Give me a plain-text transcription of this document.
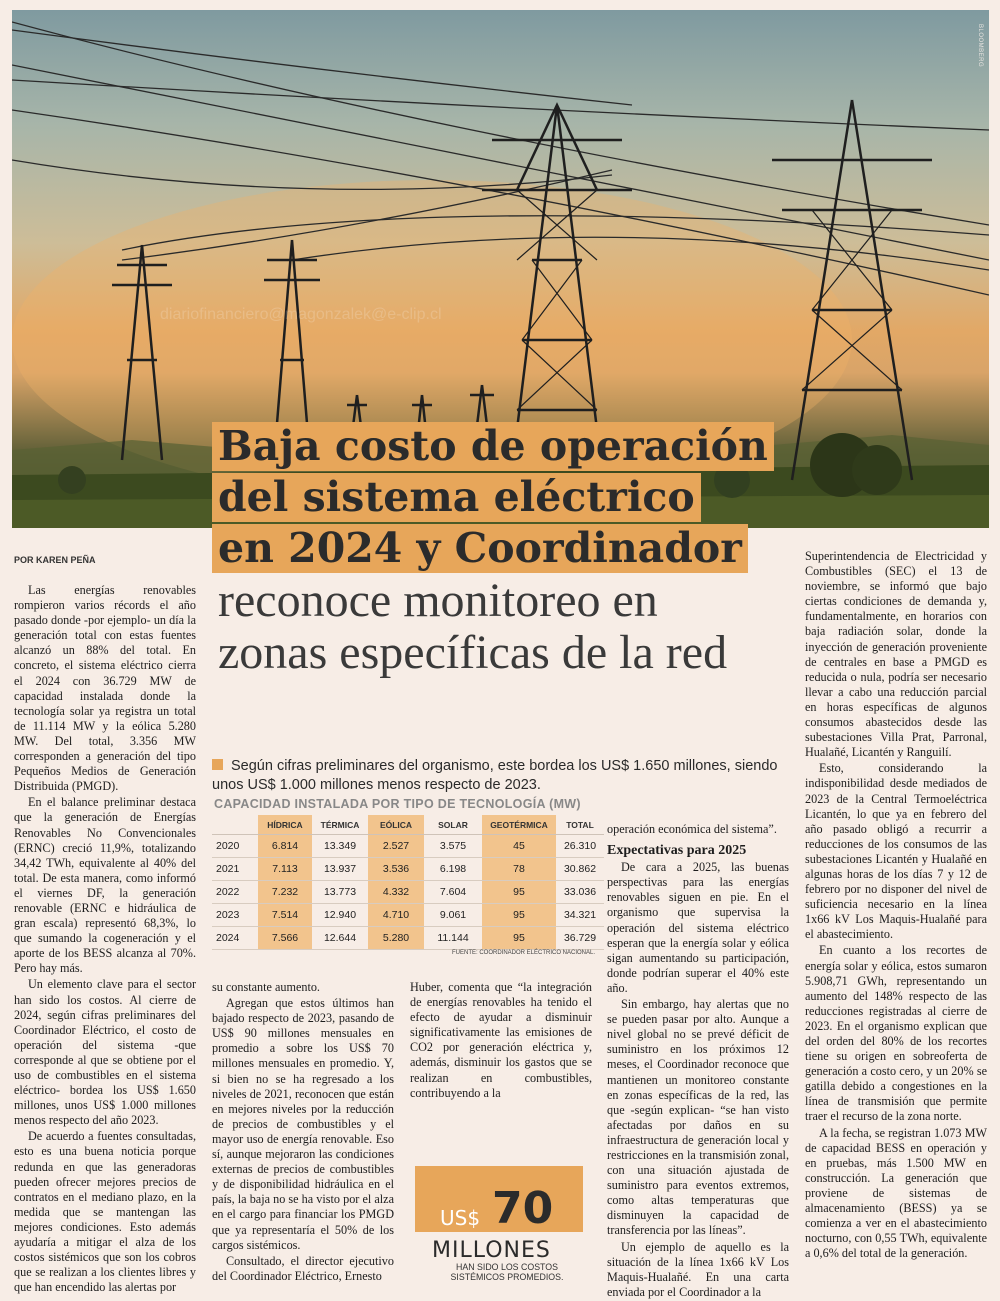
BLOOMBERG
diariofinanciero@magonzalek@e-clip.cl
Baja costo de operación
del sistema eléctrico
en 2024 y Coordinador
reconoce monitoreo en
zonas específicas de la red
POR KAREN PEÑA

Las energías renovables rompieron varios récords el año pasado donde -por ejemplo- un día la generación total con estas fuentes alcanzó un 88% del total. En concreto, el sistema eléctrico cierra el 2024 con 36.729 MW de capacidad instalada donde la tecnología solar ya registra un total de 11.114 MW y la eólica 5.280 MW. Del total, 3.356 MW corresponden a generación del tipo Pequeños Medios de Generación Distribuida (PMGD).

En el balance preliminar destaca que la generación de Energías Renovables No Convencionales (ERNC) creció 11,9%, totalizando 34,42 TWh, equivalente al 40% del total. De esta manera, como informó el viernes DF, la generación renovable (ERNC e hidráulica de gran escala) representó 68,3%, lo que sumando la cogeneración y el aporte de los BESS alcanza al 70%. Pero hay más.

Un elemento clave para el sector han sido los costos. Al cierre de 2024, según cifras preliminares del Coordinador Eléctrico, el costo de operación del sistema -que corresponde al que se obtiene por el uso de combustibles en el sistema eléctrico- bordea los US$ 1.650 millones, unos US$ 1.000 millones menos respecto del año 2023.

De acuerdo a fuentes consultadas, esto es una buena noticia porque redunda en que las generadoras pueden ofrecer mejores precios de contratos en el mediano plazo, en la medida que se mantengan las mejores condiciones. Esto además ayudaría a mitigar el alza de los costos sistémicos que son los cobros que se realizan a los clientes libres y que han encendido las alertas por

Según cifras preliminares del organismo, este bordea los US$ 1.650 millones, siendo unos US$ 1.000 millones menos respecto de 2023.
CAPACIDAD INSTALADA POR TIPO DE TECNOLOGÍA (MW)
	HÍDRICA	TÉRMICA	EÓLICA	SOLAR	GEOTÉRMICA	TOTAL
2020	6.814	13.349	2.527	3.575	45	26.310
2021	7.113	13.937	3.536	6.198	78	30.862
2022	7.232	13.773	4.332	7.604	95	33.036
2023	7.514	12.940	4.710	9.061	95	34.321
2024	7.566	12.644	5.280	11.144	95	36.729
FUENTE: COORDINADOR ELÉCTRICO NACIONAL.

su constante aumento.

Agregan que estos últimos han bajado respecto de 2023, pasando de US$ 90 millones mensuales en promedio a sobre los US$ 70 millones mensuales en promedio. Y, si bien no se ha regresado a los niveles de 2021, reconocen que están en mejores niveles por la reducción de precios de combustibles y el mayor uso de energía renovable. Eso sí, aunque mejoraron las condiciones externas de precios de combustibles y de disponibilidad hidráulica en el país, la baja no se ha visto por el alza en el cargo para financiar los PMGD que ya representaría el 50% de los cargos sistémicos.

Consultado, el director ejecutivo del Coordinador Eléctrico, Ernesto

Huber, comenta que “la integración de energías renovables ha tenido el efecto de ayudar a disminuir significativamente las emisiones de CO2 por generación eléctrica y, además, disminuir los gastos que se realizan en combustibles, contribuyendo a la

US$ 70
MILLONES
HAN SIDO LOS COSTOS SISTÉMICOS PROMEDIOS.

operación económica del sistema”.

Expectativas para 2025

De cara a 2025, las buenas perspectivas para las energías renovables siguen en pie. En el organismo que supervisa la operación del sistema eléctrico esperan que la energía solar y eólica sigan aumentando su participación, donde podrían superar el 40% este año.

Sin embargo, hay alertas que no se pueden pasar por alto. Aunque a nivel global no se prevé déficit de suministro en los próximos 12 meses, el Coordinador reconoce que mantienen un monitoreo constante en zonas específicas de la red, las que -según explican- “se han visto afectadas por daños en su infraestructura de generación local y restricciones en la transmisión zonal, con una situación ajustada de suministro para eventos extremos, como altas temperaturas que disminuyen la capacidad de transferencia por las líneas”.

Un ejemplo de aquello es la situación de la línea 1x66 kV Los Maquis-Hualañé. En una carta enviada por el Coordinador a la

Superintendencia de Electricidad y Combustibles (SEC) el 13 de noviembre, se informó que bajo ciertas condiciones de demanda y, fundamentalmente, en horarios con baja radiación solar, donde la inyección de generación proveniente de centrales en base a PMGD es reducida o nula, podría ser necesario llevar a cabo una reducción parcial en horas específicas de algunos consumos abastecidos desde las subestaciones Villa Prat, Parronal, Hualañé, Licantén y Ranguilí.

Esto, considerando la indisponibilidad desde mediados de 2023 de la Central Termoeléctrica Licantén, lo que ya en febrero del año pasado obligó a recurrir a reducciones de los consumos de las subestaciones Licantén y Hualañé en algunas horas de los días 7 y 12 de febrero por no disponer del nivel de suficiencia necesario en la línea 1x66 kV Los Maquis-Hualañé para el abastecimiento.

En cuanto a los recortes de energía solar y eólica, estos sumaron 5.908,71 GWh, representando un aumento del 148% respecto de las reducciones registradas al cierre de 2023. En el organismo explican que del orden del 80% de los recortes tiene su origen en sobreoferta de generación a costo cero, y un 20% se gatilla debido a congestiones en la línea de transmisión que permite traer el recurso de la zona norte.

A la fecha, se registran 1.073 MW de capacidad BESS en operación y en pruebas, más 1.500 MW en construcción. La generación que proviene de sistemas de almacenamiento (BESS) ya se comienza a ver en el abastecimiento nocturno, con 0,55 TWh, equivalente a 0,6% del total de la generación.
